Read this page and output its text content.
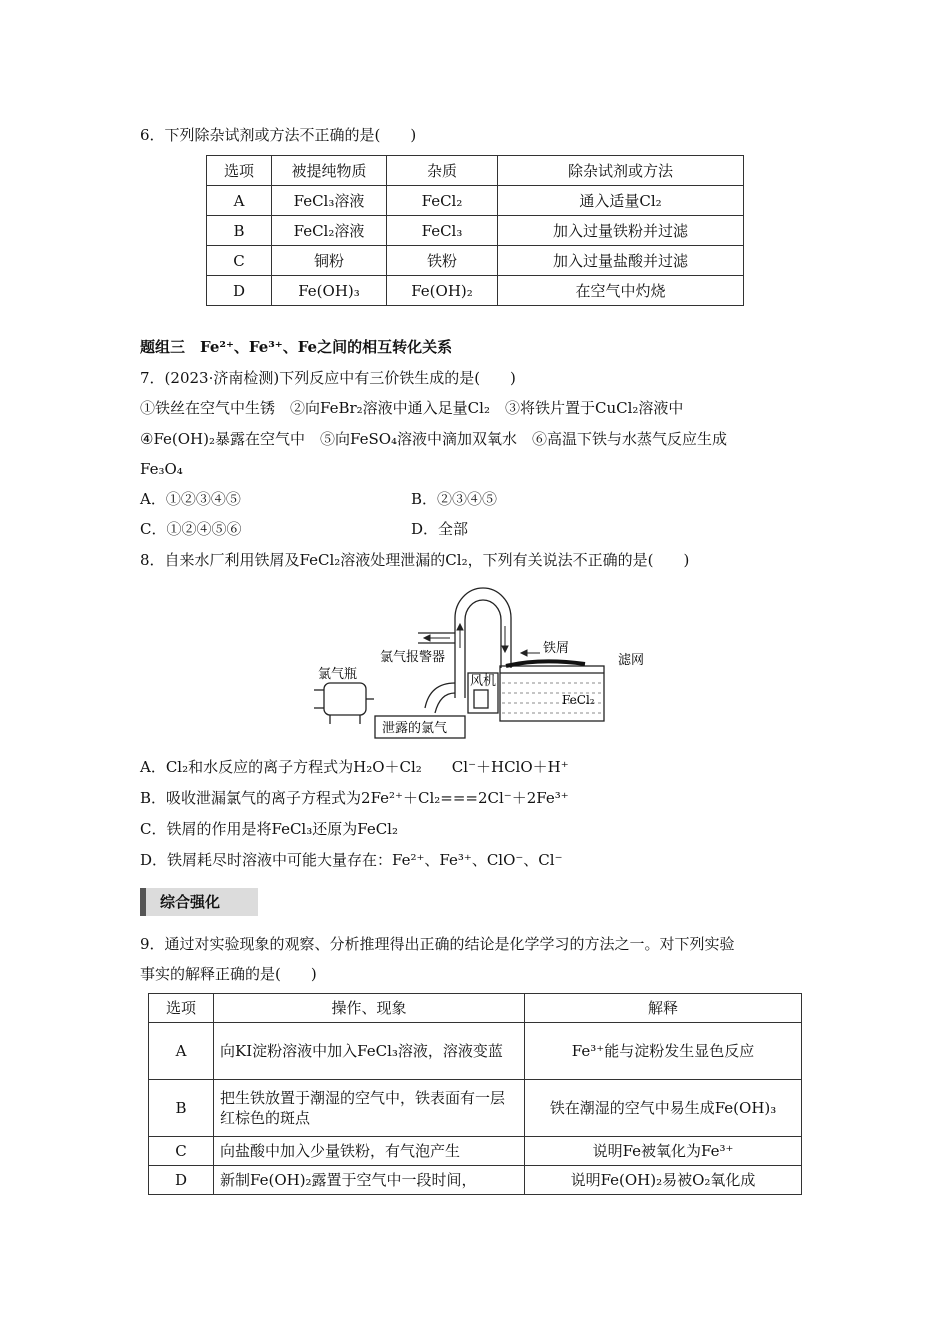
6．下列除杂试剂或方法不正确的是(　　)
选项	被提纯物质	杂质	除杂试剂或方法
A	FeCl₃溶液	FeCl₂	通入适量Cl₂
B	FeCl₂溶液	FeCl₃	加入过量铁粉并过滤
C	铜粉	铁粉	加入过量盐酸并过滤
D	Fe(OH)₃	Fe(OH)₂	在空气中灼烧
题组三　Fe²⁺、Fe³⁺、Fe之间的相互转化关系
7．(2023·济南检测)下列反应中有三价铁生成的是(　　)
①铁丝在空气中生锈　②向FeBr₂溶液中通入足量Cl₂　③将铁片置于CuCl₂溶液中
④Fe(OH)₂暴露在空气中　⑤向FeSO₄溶液中滴加双氧水　⑥高温下铁与水蒸气反应生成
Fe₃O₄
A．①②③④⑤	B．②③④⑤
C．①②④⑤⑥	D．全部
8．自来水厂利用铁屑及FeCl₂溶液处理泄漏的Cl₂，下列有关说法不正确的是(　　)
氯气报警器
氯气瓶	风机
泄露的氯气
铁屑
滤网
FeCl₂
A．Cl₂和水反应的离子方程式为H₂O＋Cl₂　　Cl⁻＋HClO＋H⁺
B．吸收泄漏氯气的离子方程式为2Fe²⁺＋Cl₂===2Cl⁻＋2Fe³⁺
C．铁屑的作用是将FeCl₃还原为FeCl₂
D．铁屑耗尽时溶液中可能大量存在：Fe²⁺、Fe³⁺、ClO⁻、Cl⁻
综合强化
9．通过对实验现象的观察、分析推理得出正确的结论是化学学习的方法之一。对下列实验
事实的解释正确的是(　　)
选项	操作、现象	解释
A	向KI淀粉溶液中加入FeCl₃溶液，溶液变蓝	Fe³⁺能与淀粉发生显色反应
B	把生铁放置于潮湿的空气中，铁表面有一层红棕色的斑点	铁在潮湿的空气中易生成Fe(OH)₃
C	向盐酸中加入少量铁粉，有气泡产生	说明Fe被氧化为Fe³⁺
D	新制Fe(OH)₂露置于空气中一段时间，	说明Fe(OH)₂易被O₂氧化成
